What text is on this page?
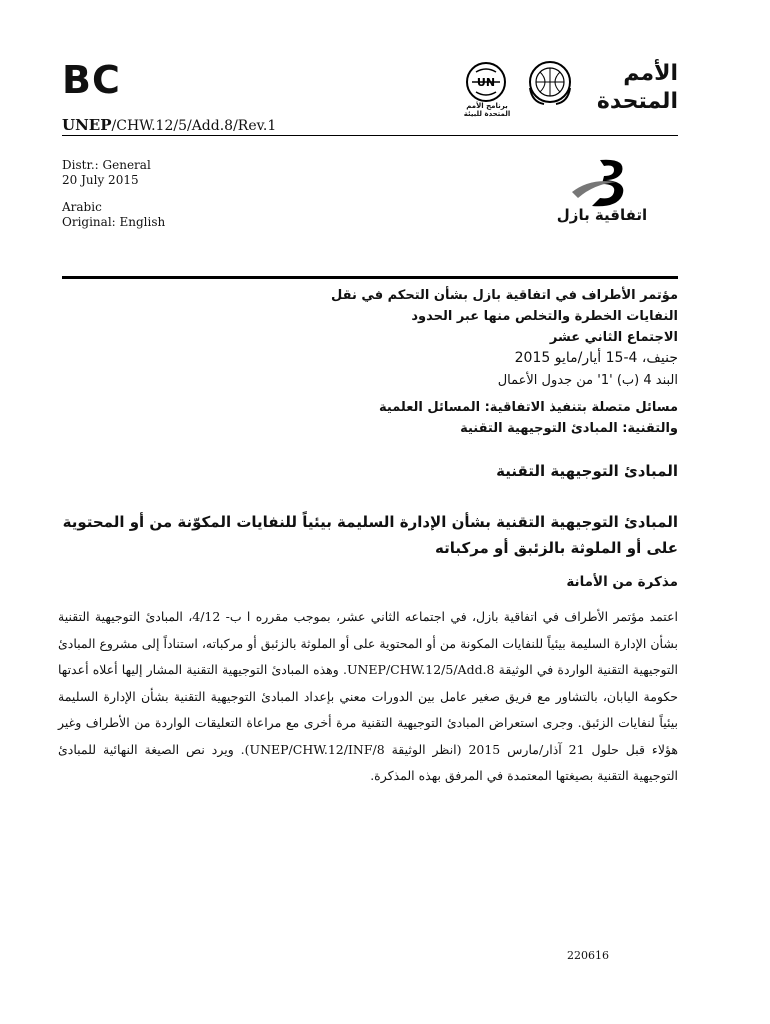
BC	الأمم
المتحدة
UN
برنامج الأمم المتحدة للبيئة
UNEP/CHW.12/5/Add.8/Rev.1
Distr.: General
20 July 2015
Arabic
Original: English	اتفاقية بازل
مؤتمر الأطراف في اتفاقية بازل بشأن التحكم في نقل
النفايات الخطرة والتخلص منها عبر الحدود
الاجتماع الثاني عشر
جنيف، 4-15 أيار/مايو 2015
البند 4 (ب) '1' من جدول الأعمال
مسائل متصلة بتنفيذ الاتفاقية: المسائل العلمية
والتقنية: المبادئ التوجيهية التقنية
المبادئ التوجيهية التقنية
المبادئ التوجيهية التقنية بشأن الإدارة السليمة بيئياً للنفايات المكوّنة من أو المحتوية على أو الملوثة بالزئبق أو مركباته
مذكرة من الأمانة

اعتمد مؤتمر الأطراف في اتفاقية بازل، في اجتماعه الثاني عشر، بموجب مقرره ا ب- 4/12، المبادئ التوجيهية التقنية بشأن الإدارة السليمة بيئياً للنفايات المكونة من أو المحتوية على أو الملوثة بالزئبق أو مركباته، استناداً إلى مشروع المبادئ التوجيهية التقنية الواردة في الوثيقة UNEP/CHW.12/5/Add.8. وهذه المبادئ التوجيهية التقنية المشار إليها أعلاه أعدتها حكومة اليابان، بالتشاور مع فريق صغير عامل بين الدورات معني بإعداد المبادئ التوجيهية التقنية بشأن الإدارة السليمة بيئياً لنفايات الزئبق. وجرى استعراض المبادئ التوجيهية التقنية مرة أخرى مع مراعاة التعليقات الواردة من الأطراف وغير هؤلاء قبل حلول 21 آذار/مارس 2015 (انظر الوثيقة UNEP/CHW.12/INF/8). ويرد نص الصيغة النهائية للمبادئ التوجيهية التقنية بصيغتها المعتمدة في المرفق بهذه المذكرة.

220616
